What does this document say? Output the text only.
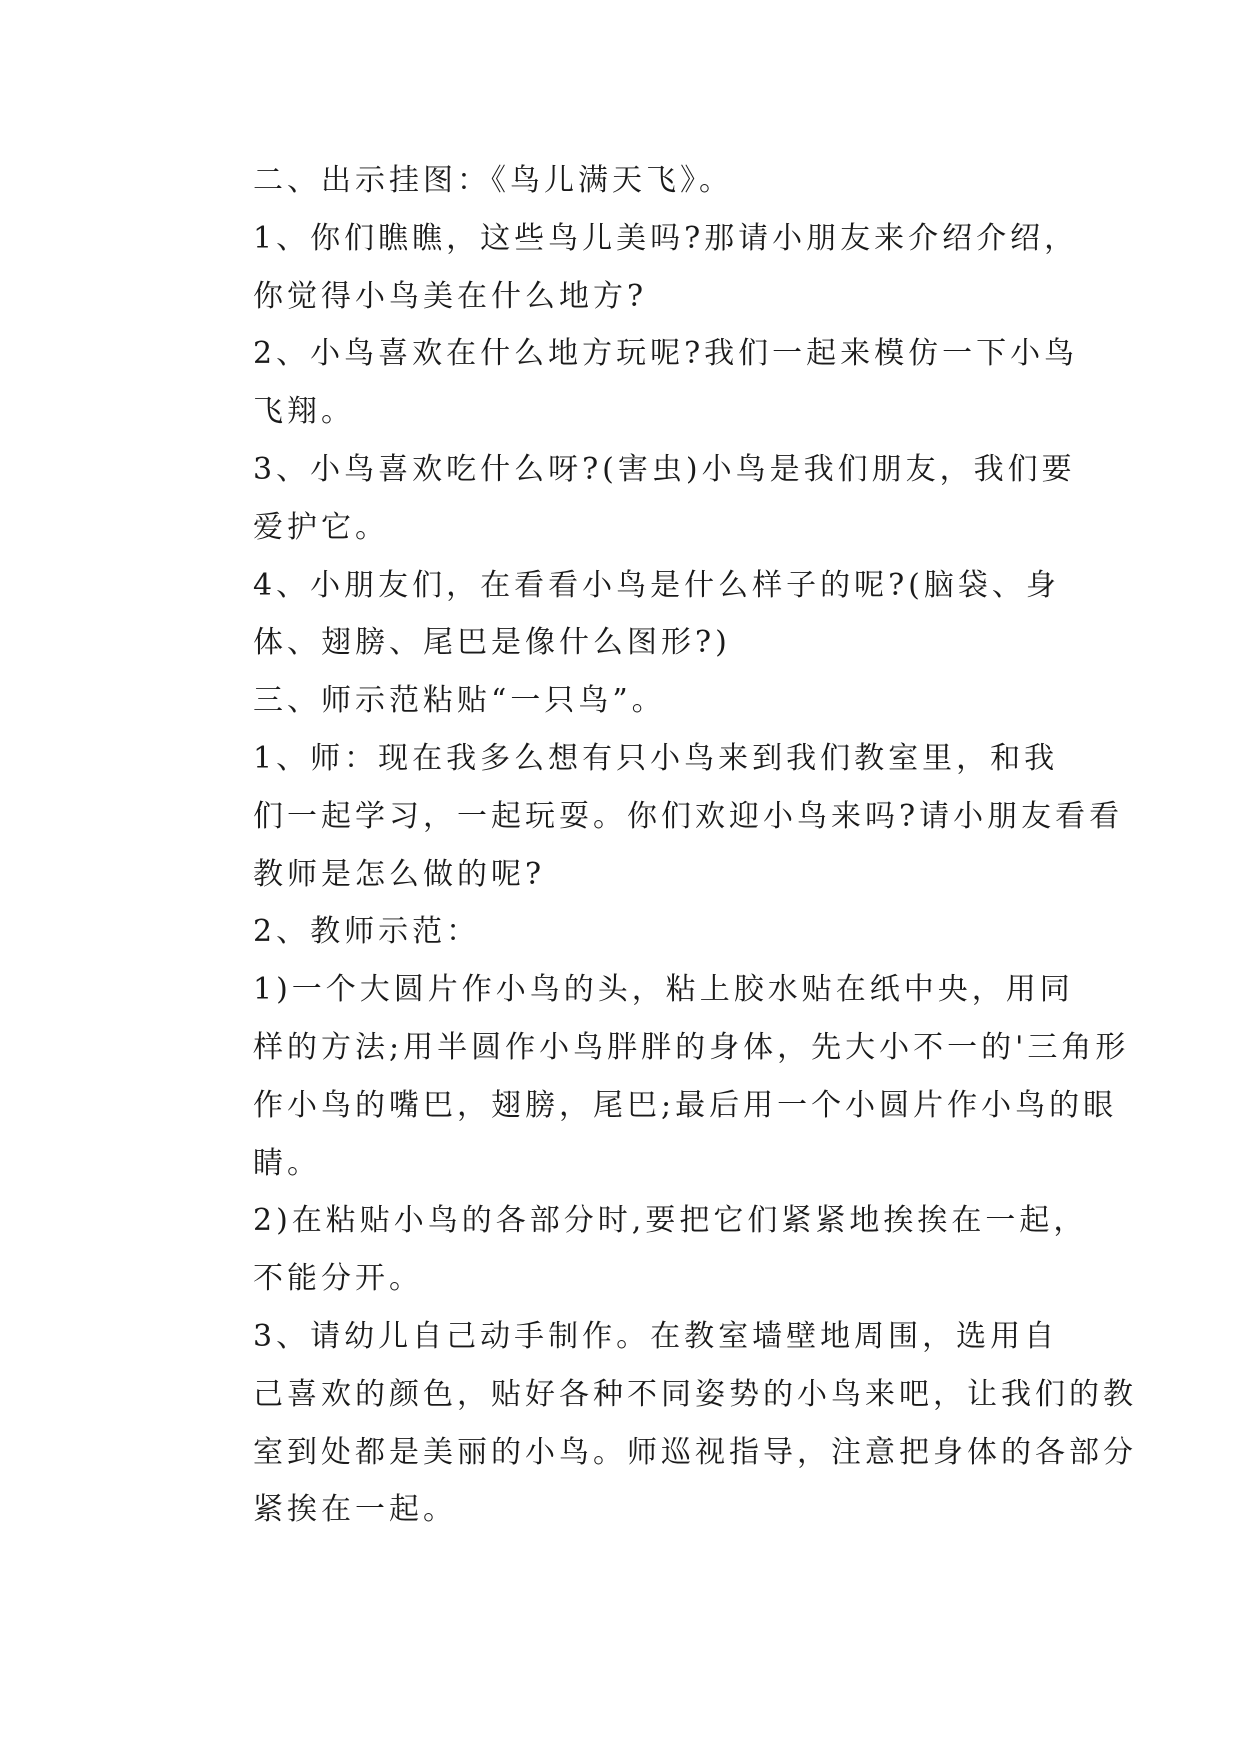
二、出示挂图：《鸟儿满天飞》。

1、你们瞧瞧，这些鸟儿美吗?那请小朋友来介绍介绍，
你觉得小鸟美在什么地方?

2、小鸟喜欢在什么地方玩呢?我们一起来模仿一下小鸟
飞翔。

3、小鸟喜欢吃什么呀?(害虫)小鸟是我们朋友，我们要
爱护它。

4、小朋友们，在看看小鸟是什么样子的呢?(脑袋、身
体、翅膀、尾巴是像什么图形?)

三、师示范粘贴“一只鸟”。

1、师：现在我多么想有只小鸟来到我们教室里，和我
们一起学习，一起玩耍。你们欢迎小鸟来吗?请小朋友看看
教师是怎么做的呢?

2、教师示范：

1)一个大圆片作小鸟的头，粘上胶水贴在纸中央，用同
样的方法;用半圆作小鸟胖胖的身体，先大小不一的'三角形
作小鸟的嘴巴，翅膀，尾巴;最后用一个小圆片作小鸟的眼
睛。

2)在粘贴小鸟的各部分时,要把它们紧紧地挨挨在一起，
不能分开。

3、请幼儿自己动手制作。在教室墙壁地周围，选用自
己喜欢的颜色，贴好各种不同姿势的小鸟来吧，让我们的教
室到处都是美丽的小鸟。师巡视指导，注意把身体的各部分
紧挨在一起。
